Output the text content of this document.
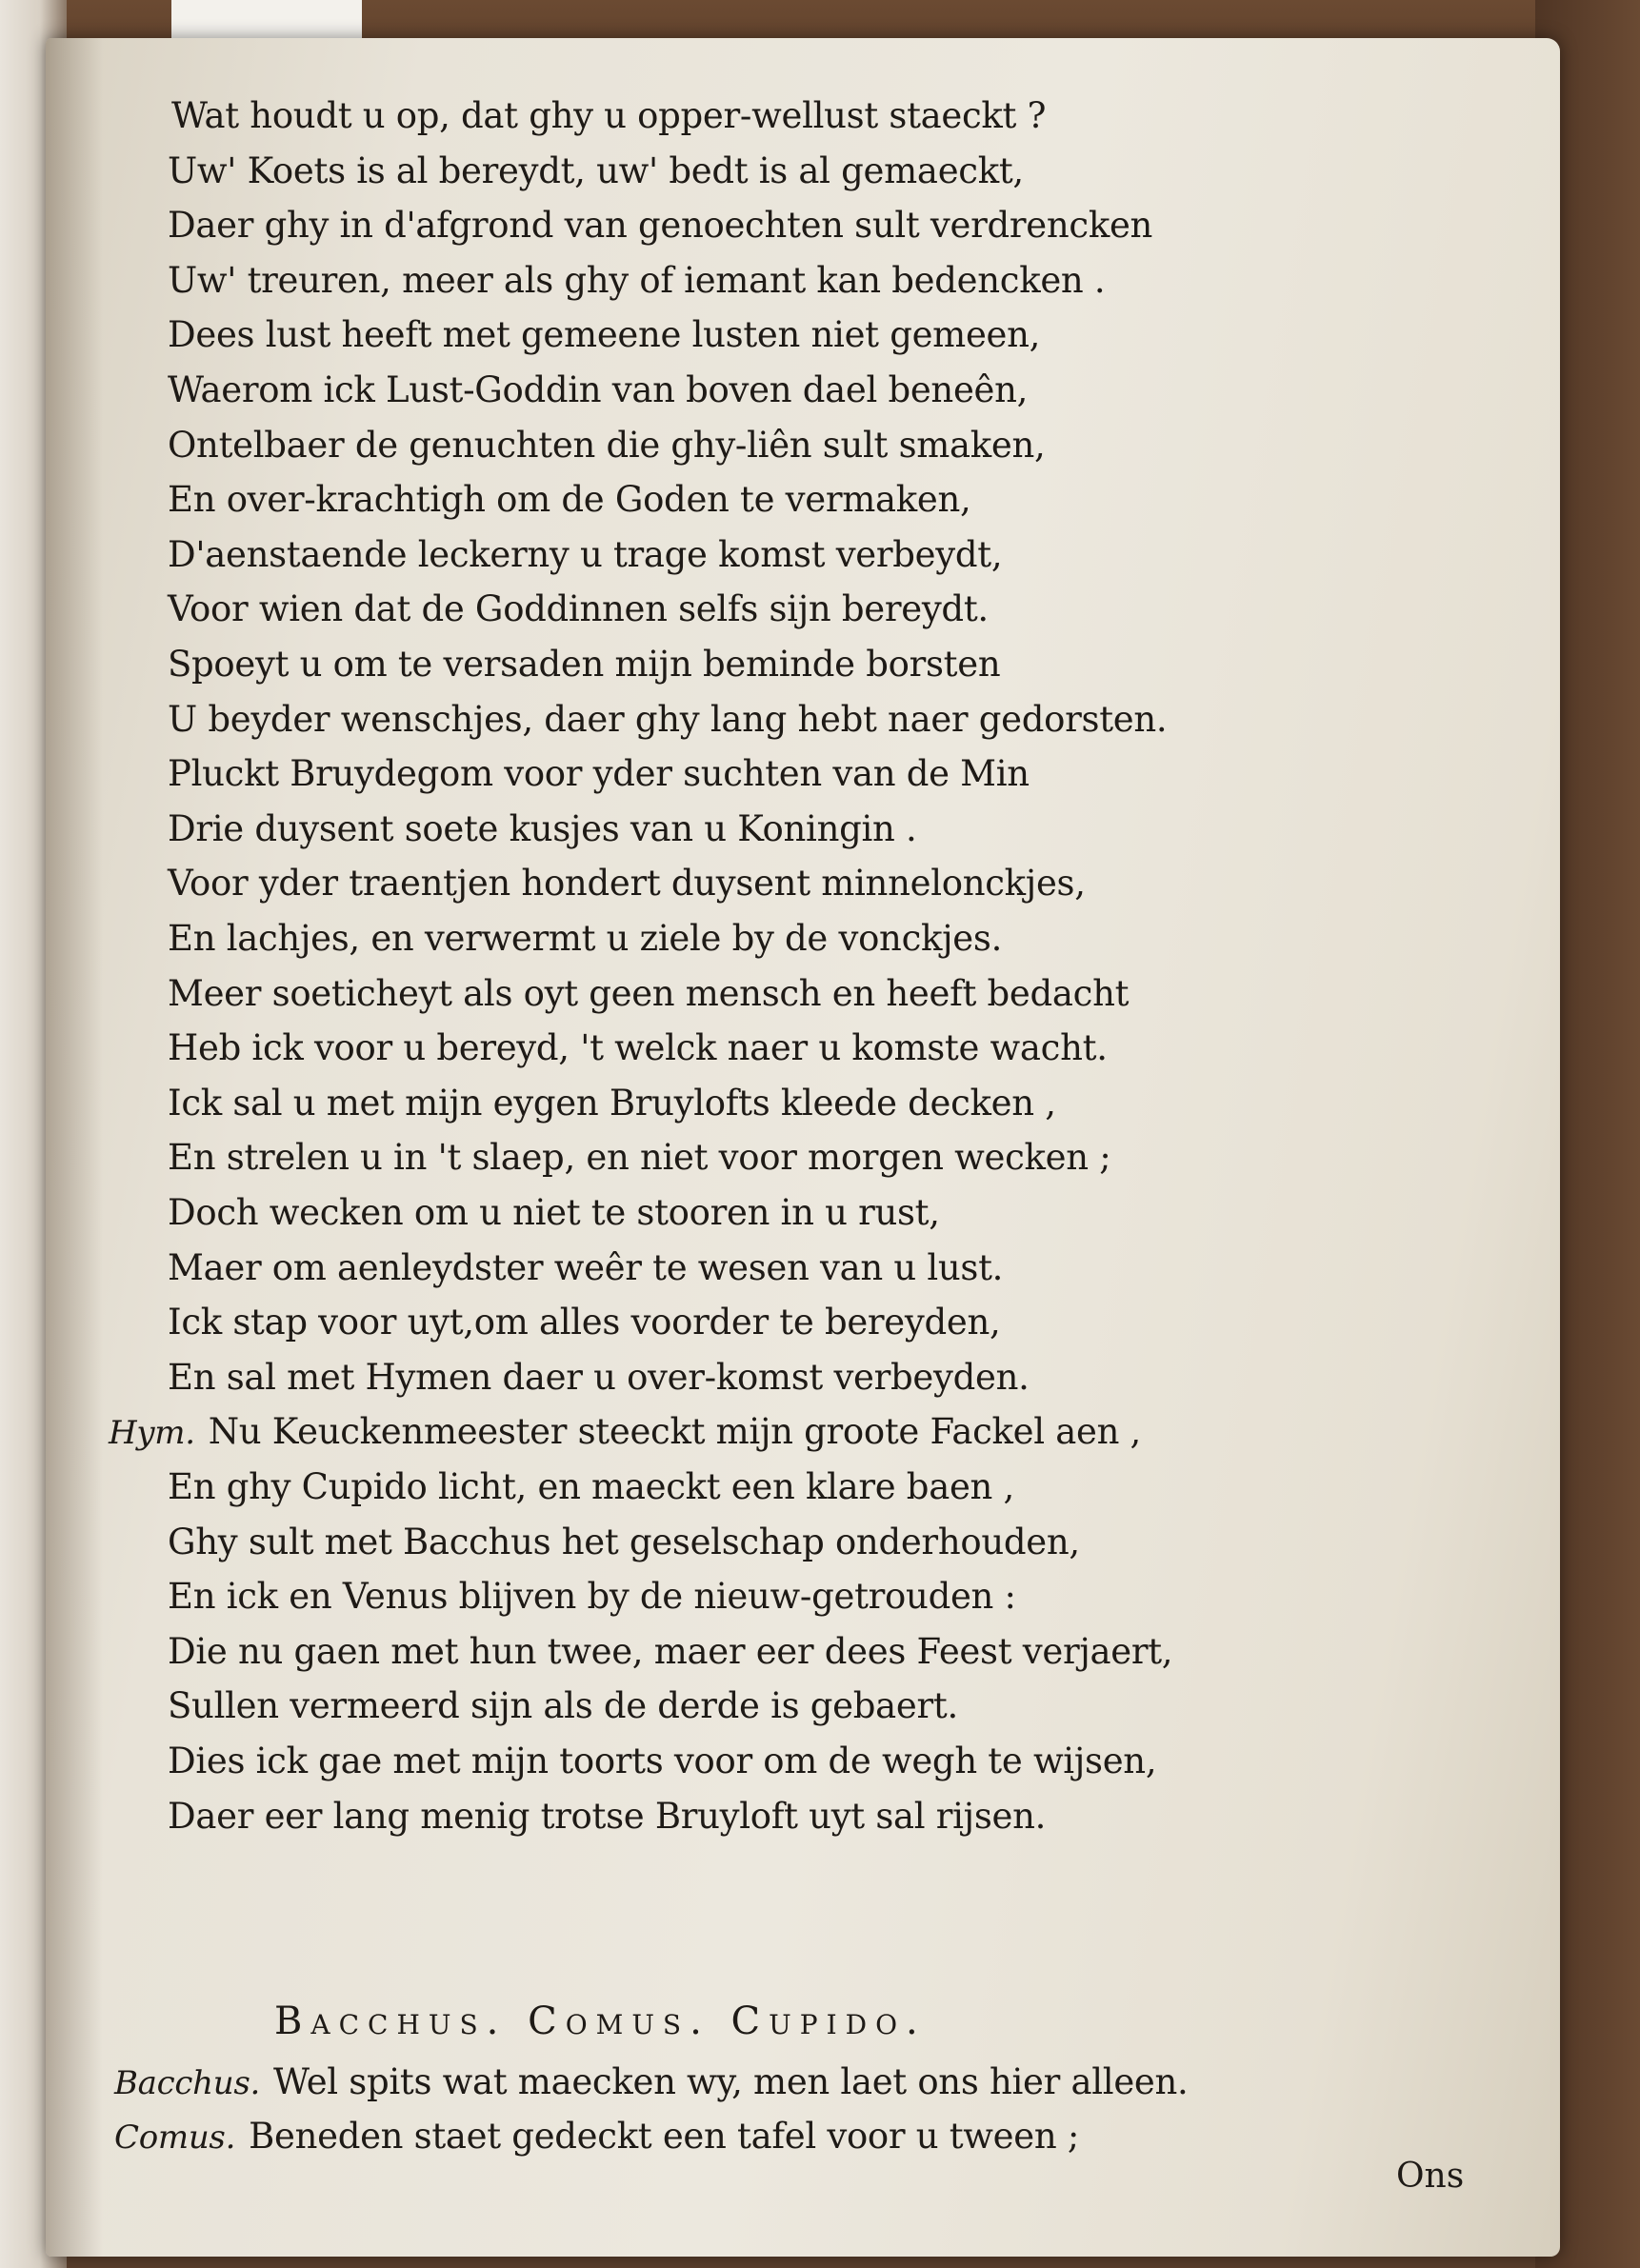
Wat houdt u op, dat ghy u opper-wellust staeckt ?
Uw' Koets is al bereydt, uw' bedt is al gemaeckt,
Daer ghy in d'afgrond van genoechten sult verdrencken
Uw' treuren, meer als ghy of iemant kan bedencken .
Dees lust heeft met gemeene lusten niet gemeen,
Waerom ick Lust-Goddin van boven dael beneên,
Ontelbaer de genuchten die ghy-liên sult smaken,
En over-krachtigh om de Goden te vermaken,
D'aenstaende leckerny u trage komst verbeydt,
Voor wien dat de Goddinnen selfs sijn bereydt.
Spoeyt u om te versaden mijn beminde borsten
U beyder wenschjes, daer ghy lang hebt naer gedorsten.
Pluckt Bruydegom voor yder suchten van de Min
Drie duysent soete kusjes van u Koningin .
Voor yder traentjen hondert duysent minnelonckjes,
En lachjes, en verwermt u ziele by de vonckjes.
Meer soeticheyt als oyt geen mensch en heeft bedacht
Heb ick voor u bereyd, 't welck naer u komste wacht.
Ick sal u met mijn eygen Bruylofts kleede decken ,
En strelen u in 't slaep, en niet voor morgen wecken ;
Doch wecken om u niet te stooren in u rust,
Maer om aenleydster weêr te wesen van u lust.
Ick stap voor uyt,om alles voorder te bereyden,
En sal met Hymen daer u over-komst verbeyden.
Hym. Nu Keuckenmeester steeckt mijn groote Fackel aen ,
En ghy Cupido licht, en maeckt een klare baen ,
Ghy sult met Bacchus het geselschap onderhouden,
En ick en Venus blijven by de nieuw-getrouden :
Die nu gaen met hun twee, maer eer dees Feest verjaert,
Sullen vermeerd sijn als de derde is gebaert.
Dies ick gae met mijn toorts voor om de wegh te wijsen,
Daer eer lang menig trotse Bruyloft uyt sal rijsen.
Bacchus. Wel spits wat maecken wy, men laet ons hier alleen.
Comus. Beneden staet gedeckt een tafel voor u tween ;
Bacchus. Comus. Cupido.
Ons
